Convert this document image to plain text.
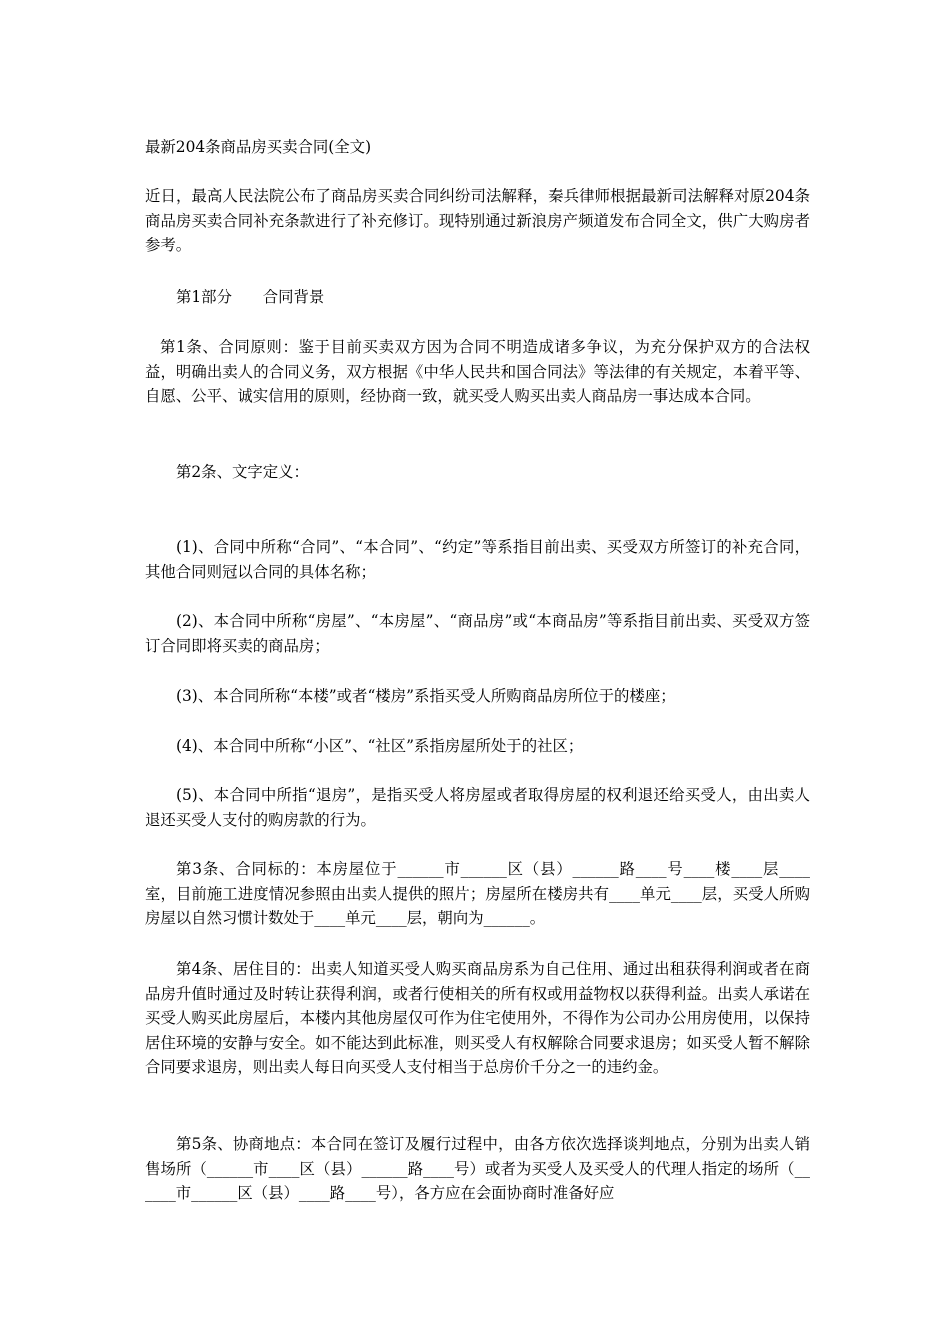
最新204条商品房买卖合同(全文)

近日，最高人民法院公布了商品房买卖合同纠纷司法解释，秦兵律师根据最新司法解释对原204条商品房买卖合同补充条款进行了补充修订。现特别通过新浪房产频道发布合同全文，供广大购房者参考。

第1部分　　合同背景

第1条、合同原则：鉴于目前买卖双方因为合同不明造成诸多争议，为充分保护双方的合法权益，明确出卖人的合同义务，双方根据《中华人民共和国合同法》等法律的有关规定，本着平等、自愿、公平、诚实信用的原则，经协商一致，就买受人购买出卖人商品房一事达成本合同。

第2条、文字定义：

(1)、合同中所称“合同”、“本合同”、“约定”等系指目前出卖、买受双方所签订的补充合同，其他合同则冠以合同的具体名称；

(2)、本合同中所称“房屋”、“本房屋”、“商品房”或“本商品房”等系指目前出卖、买受双方签订合同即将买卖的商品房；

(3)、本合同所称“本楼”或者“楼房”系指买受人所购商品房所位于的楼座；

(4)、本合同中所称“小区”、“社区”系指房屋所处于的社区；

(5)、本合同中所指“退房”，是指买受人将房屋或者取得房屋的权利退还给买受人，由出卖人退还买受人支付的购房款的行为。

第3条、合同标的：本房屋位于______市______区（县）______路____号____楼____层____室，目前施工进度情况参照由出卖人提供的照片；房屋所在楼房共有____单元____层，买受人所购房屋以自然习惯计数处于____单元____层，朝向为______。

第4条、居住目的：出卖人知道买受人购买商品房系为自己住用、通过出租获得利润或者在商品房升值时通过及时转让获得利润，或者行使相关的所有权或用益物权以获得利益。出卖人承诺在买受人购买此房屋后，本楼内其他房屋仅可作为住宅使用外，不得作为公司办公用房使用，以保持居住环境的安静与安全。如不能达到此标准，则买受人有权解除合同要求退房；如买受人暂不解除合同要求退房，则出卖人每日向买受人支付相当于总房价千分之一的违约金。

第5条、协商地点：本合同在签订及履行过程中，由各方依次选择谈判地点，分别为出卖人销售场所（______市____区（县）______路____号）或者为买受人及买受人的代理人指定的场所（______市______区（县）____路____号），各方应在会面协商时准备好应
